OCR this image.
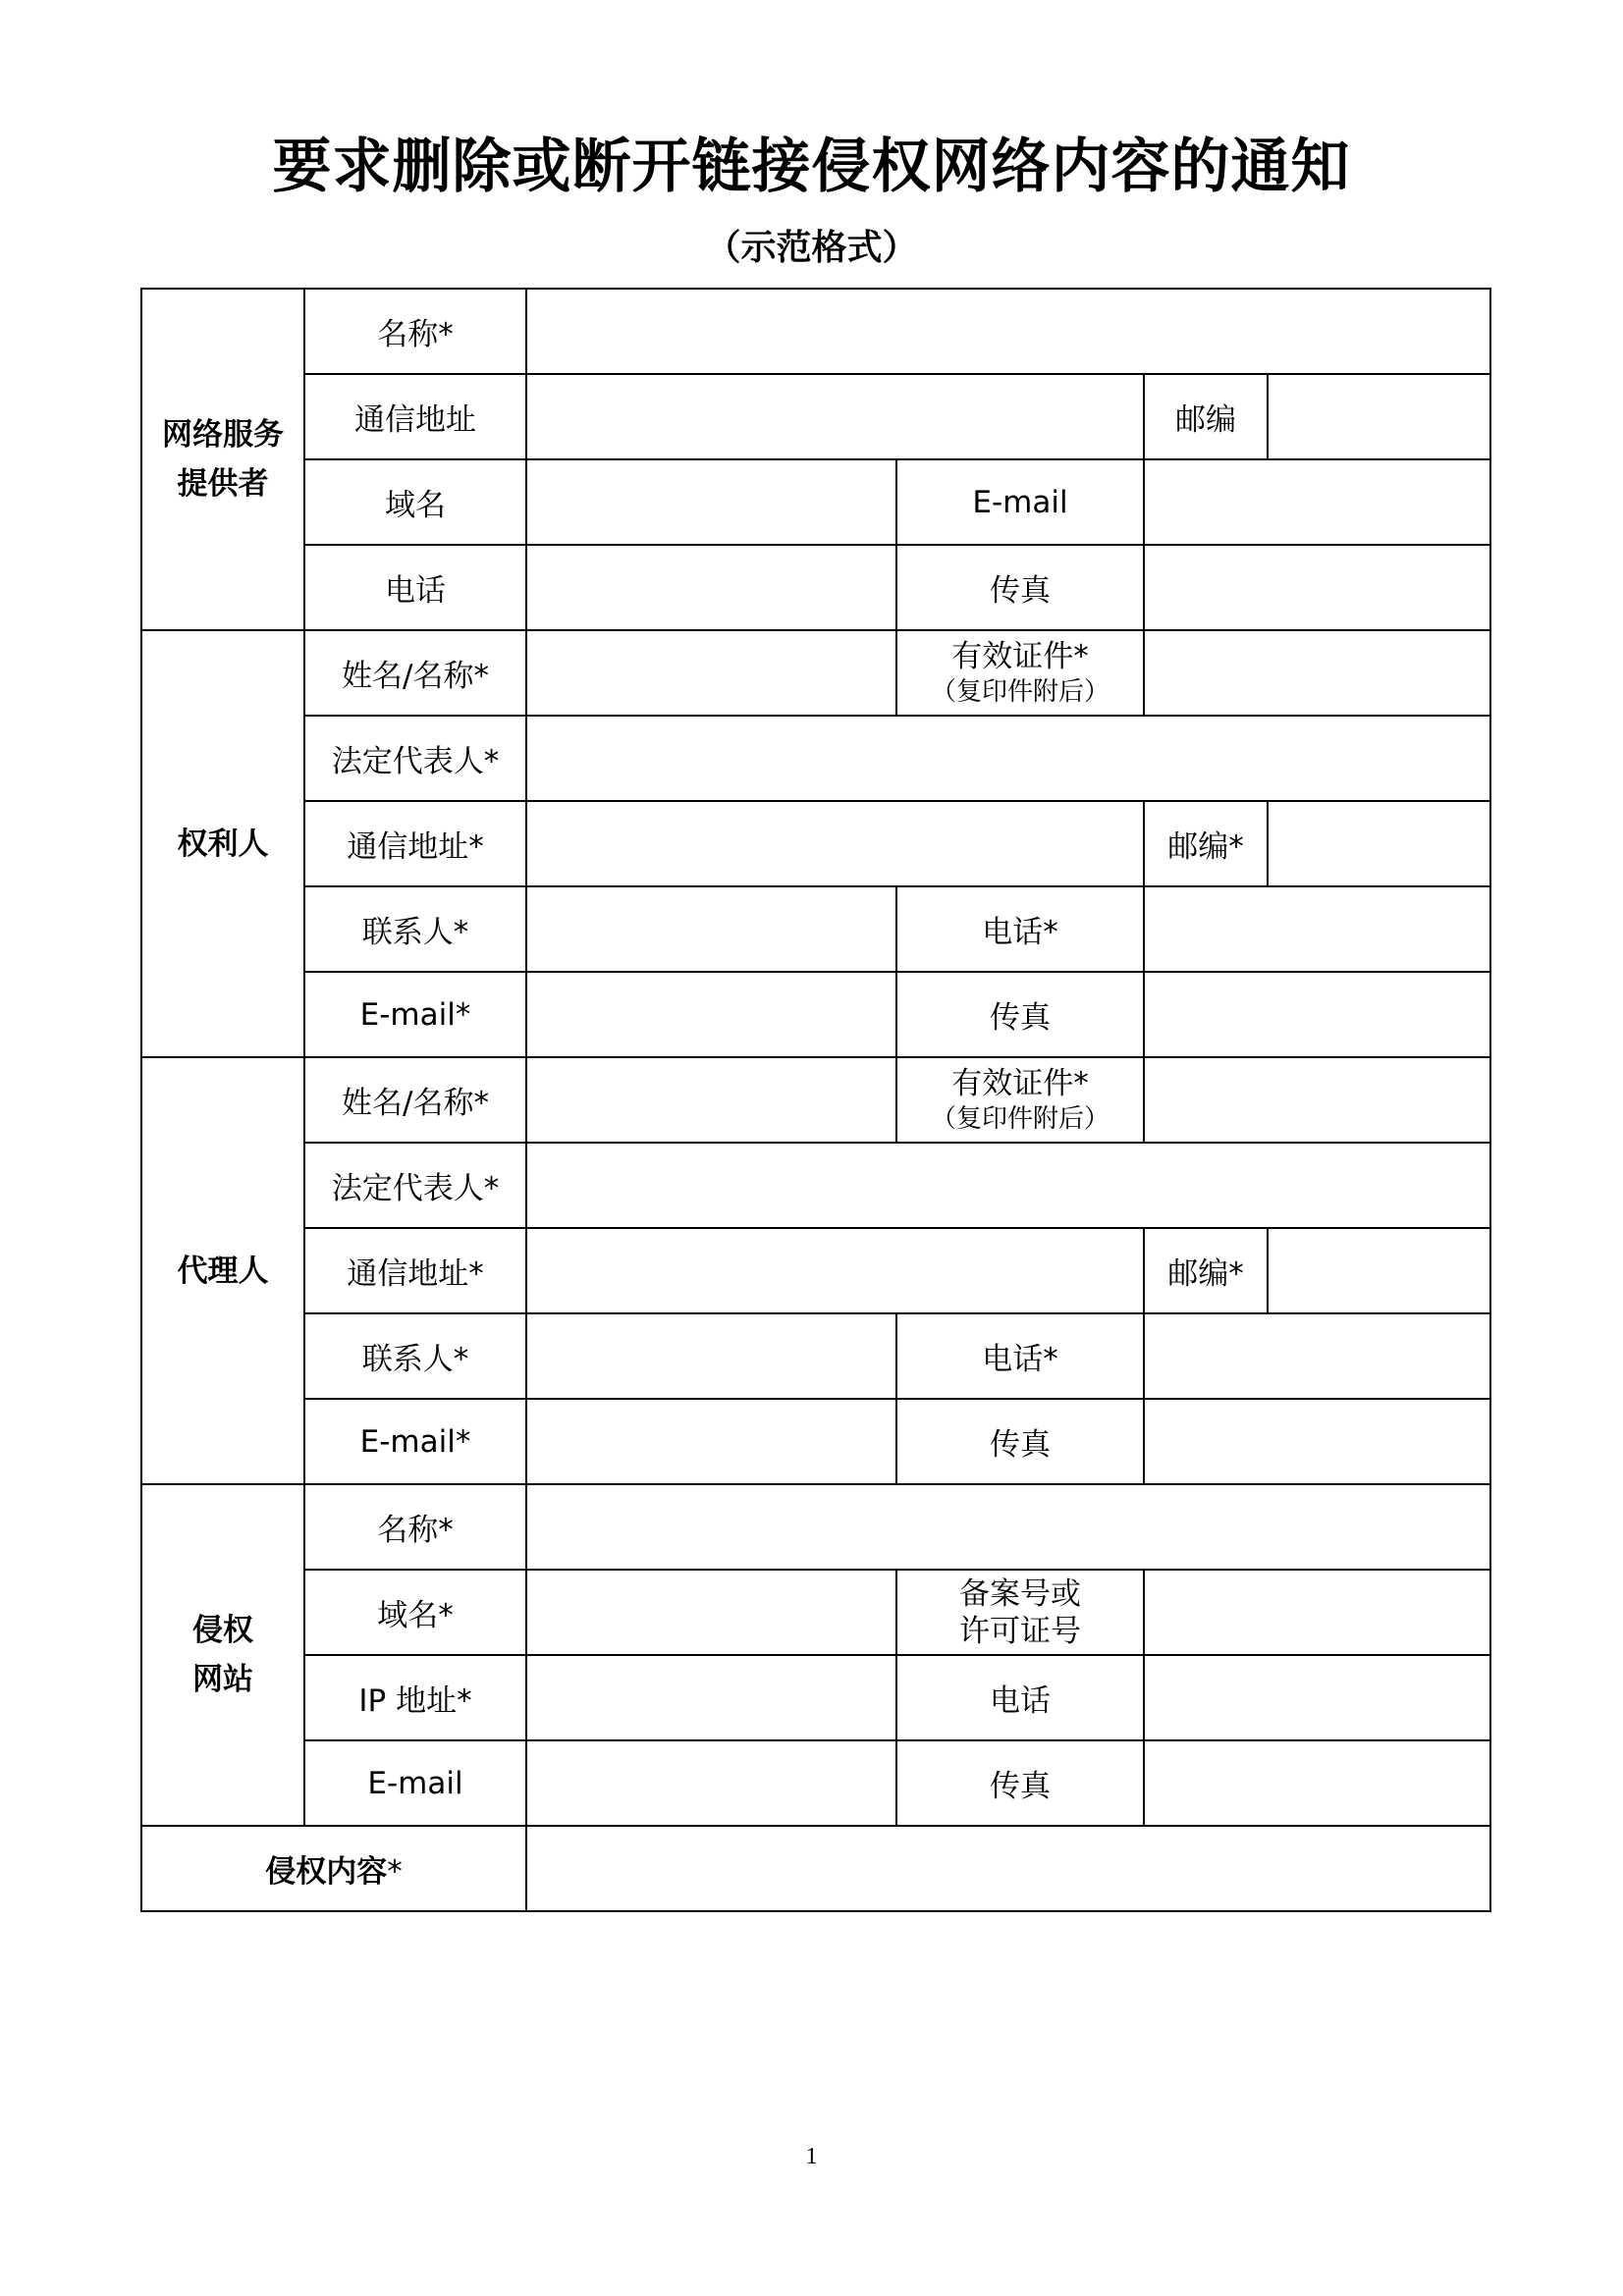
要求删除或断开链接侵权网络内容的通知
（示范格式）
网络服务提供者	名称*				
	通信地址			邮编	
	域名		E-mail		
	电话		传真		
权利人	姓名/名称*		有效证件*
（复印件附后）		

	法定代表人*				
	通信地址*			邮编*	
	联系人*		电话*		
	E-mail*		传真		
代理人	姓名/名称*		有效证件*
（复印件附后）		

	法定代表人*				
	通信地址*			邮编*	
	联系人*		电话*		
	E-mail*		传真		

侵权
网站	名称*				
	域名*		备案号或
许可证号		

	IP 地址*		电话		
	E-mail		传真		
侵权内容*					
1
